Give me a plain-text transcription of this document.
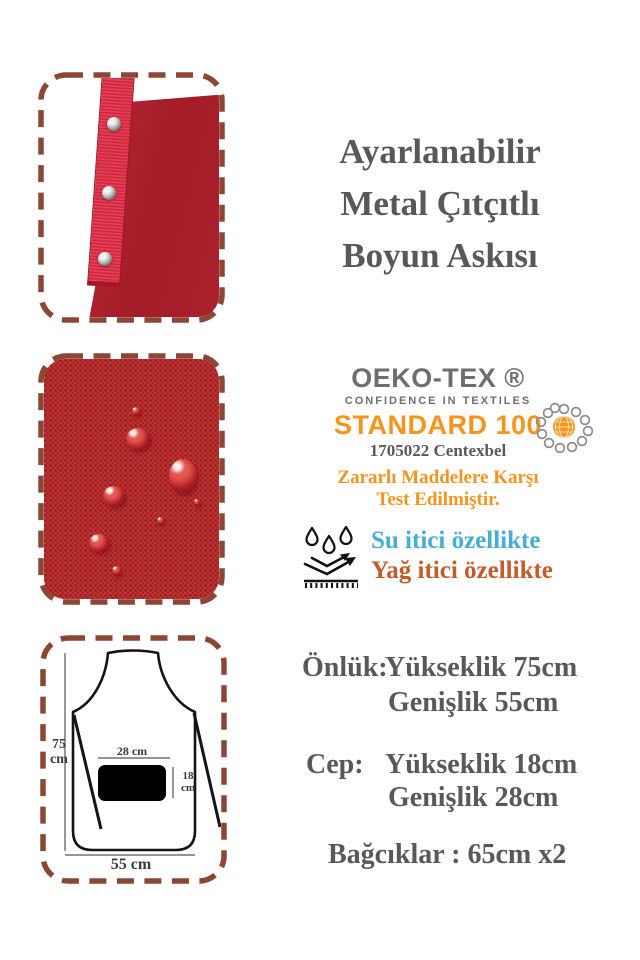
75 cm
28 cm
18 cm
55 cm
Ayarlanabilir
Metal Çıtçıtlı
Boyun Askısı
OEKO-TEX ®
CONFIDENCE IN TEXTILES
STANDARD 100
1705022 Centexbel
Zararlı Maddelere Karşı
Test Edilmiştir.
Su itici özellikte
Yağ itici özellikte
Önlük:
Yükseklik 75cm
Genişlik 55cm
Cep: Yükseklik 18cm
Genişlik 28cm
Bağcıklar : 65cm x2
